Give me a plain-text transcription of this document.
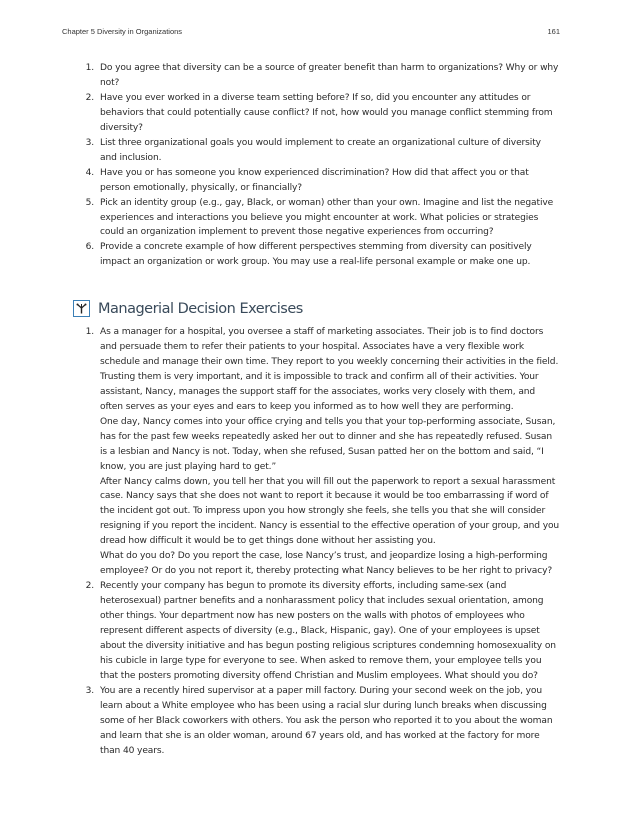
Chapter 5 Diversity in Organizations	161
1. Do you agree that diversity can be a source of greater benefit than harm to organizations? Why or why not?
2. Have you ever worked in a diverse team setting before? If so, did you encounter any attitudes or behaviors that could potentially cause conflict? If not, how would you manage conflict stemming from diversity?
3. List three organizational goals you would implement to create an organizational culture of diversity and inclusion.
4. Have you or has someone you know experienced discrimination? How did that affect you or that person emotionally, physically, or financially?
5. Pick an identity group (e.g., gay, Black, or woman) other than your own. Imagine and list the negative experiences and interactions you believe you might encounter at work. What policies or strategies could an organization implement to prevent those negative experiences from occurring?
6. Provide a concrete example of how different perspectives stemming from diversity can positively impact an organization or work group. You may use a real-life personal example or make one up.
Managerial Decision Exercises
1. As a manager for a hospital, you oversee a staff of marketing associates. Their job is to find doctors and persuade them to refer their patients to your hospital. Associates have a very flexible work schedule and manage their own time. They report to you weekly concerning their activities in the field. Trusting them is very important, and it is impossible to track and confirm all of their activities. Your assistant, Nancy, manages the support staff for the associates, works very closely with them, and often serves as your eyes and ears to keep you informed as to how well they are performing.
One day, Nancy comes into your office crying and tells you that your top-performing associate, Susan, has for the past few weeks repeatedly asked her out to dinner and she has repeatedly refused. Susan is a lesbian and Nancy is not. Today, when she refused, Susan patted her on the bottom and said, “I know, you are just playing hard to get.”
After Nancy calms down, you tell her that you will fill out the paperwork to report a sexual harassment case. Nancy says that she does not want to report it because it would be too embarrassing if word of the incident got out. To impress upon you how strongly she feels, she tells you that she will consider resigning if you report the incident. Nancy is essential to the effective operation of your group, and you dread how difficult it would be to get things done without her assisting you.
What do you do? Do you report the case, lose Nancy’s trust, and jeopardize losing a high-performing employee? Or do you not report it, thereby protecting what Nancy believes to be her right to privacy?
2. Recently your company has begun to promote its diversity efforts, including same-sex (and heterosexual) partner benefits and a nonharassment policy that includes sexual orientation, among other things. Your department now has new posters on the walls with photos of employees who represent different aspects of diversity (e.g., Black, Hispanic, gay). One of your employees is upset about the diversity initiative and has begun posting religious scriptures condemning homosexuality on his cubicle in large type for everyone to see. When asked to remove them, your employee tells you that the posters promoting diversity offend Christian and Muslim employees. What should you do?
3. You are a recently hired supervisor at a paper mill factory. During your second week on the job, you learn about a White employee who has been using a racial slur during lunch breaks when discussing some of her Black coworkers with others. You ask the person who reported it to you about the woman and learn that she is an older woman, around 67 years old, and has worked at the factory for more than 40 years.
